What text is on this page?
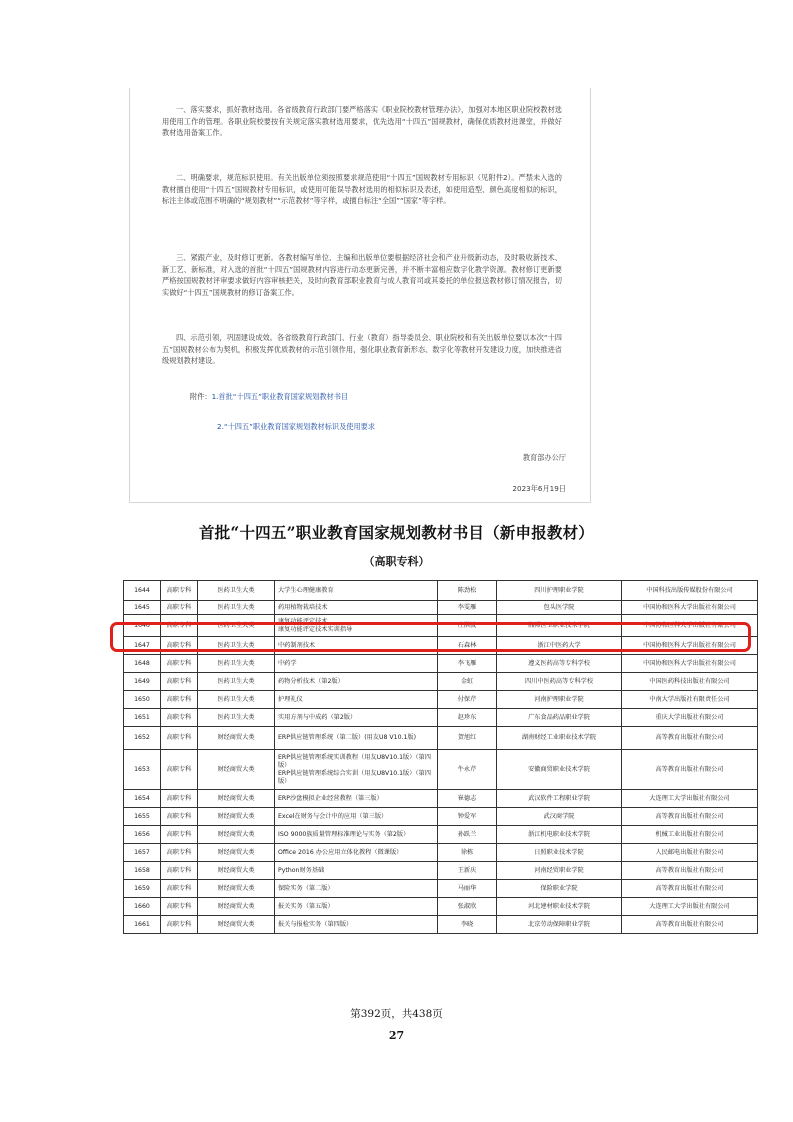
一、落实要求，抓好教材选用。各省级教育行政部门要严格落实《职业院校教材管理办法》，加强对本地区职业院校教材选用使用工作的管理。各职业院校要按有关规定落实教材选用要求，优先选用“十四五”国规教材，确保优质教材进课堂，并做好教材选用备案工作。
二、明确要求，规范标识使用。有关出版单位须按照要求规范使用“十四五”国规教材专用标识（见附件2）。严禁未入选的教材擅自使用“十四五”国规教材专用标识，或使用可能误导教材选用的相似标识及表述，如使用造型、颜色高度相似的标识，标注主体或范围不明确的“规划教材”“示范教材”等字样，或擅自标注“全国”“国家”等字样。
三、紧跟产业，及时修订更新。各教材编写单位、主编和出版单位要根据经济社会和产业升级新动态，及时吸收新技术、新工艺、新标准，对入选的首批“十四五”国规教材内容进行动态更新完善，并不断丰富相应数字化教学资源。教材修订更新要严格按国规教材评审要求做好内容审核把关，及时向教育部职业教育与成人教育司或其委托的单位报送教材修订情况报告，切实做好“十四五”国规教材的修订备案工作。
四、示范引领，巩固建设成效。各省级教育行政部门、行业（教育）指导委员会、职业院校和有关出版单位要以本次“十四五”国规教材公布为契机，积极发挥优质教材的示范引领作用，强化职业教育新形态、数字化等教材开发建设力度，加快推进省级规划教材建设。
附件：1.首批“十四五”职业教育国家规划教材书目
2.“十四五”职业教育国家规划教材标识及使用要求
教育部办公厅
2023年6月19日
首批“十四五”职业教育国家规划教材书目（新申报教材）
（高职专科）
1644	高职专科	医药卫生大类	大学生心理健康教育	陈劲松	四川护理职业学院	中国科技出版传媒股份有限公司
1645	高职专科	医药卫生大类	药用植物栽培技术	李雯雁	包头医学院	中国协和医科大学出版社有限公司
1646	高职专科	医药卫生大类	康复功能评定技术
康复功能评定技术实训指导	庄洪波	湘潭医卫职业技术学院	中国协和医科大学出版社有限公司
1647	高职专科	医药卫生大类	中药制剂技术	石森林	浙江中医药大学	中国协和医科大学出版社有限公司
1648	高职专科	医药卫生大类	中药学	李飞雁	遵义医药高等专科学校	中国协和医科大学出版社有限公司
1649	高职专科	医药卫生大类	药物分析技术（第2版）	金虹	四川中医药高等专科学校	中国医药科技出版社有限公司
1650	高职专科	医药卫生大类	护理礼仪	付保芹	河南护理职业学院	中南大学出版社有限责任公司
1651	高职专科	医药卫生大类	实用方剂与中成药（第2版）	赵珍东	广东食品药品职业学院	重庆大学出版社有限公司
1652	高职专科	财经商贸大类	ERP供应链管理系统（第二版）(用友U8 V10.1版)	贺旭红	湖南财经工业职业技术学院	高等教育出版社有限公司
1653	高职专科	财经商贸大类	ERP供应链管理系统实训教程（用友U8V10.1版）（第四版）
ERP供应链管理系统综合实训（用友U8V10.1版）（第四版）	牛永芹	安徽商贸职业技术学院	高等教育出版社有限公司
1654	高职专科	财经商贸大类	ERP沙盘模拟企业经营教程（第三版）	崔德志	武汉软件工程职业学院	大连理工大学出版社有限公司
1655	高职专科	财经商贸大类	Excel在财务与会计中的应用（第三版）	钟爱军	武汉商学院	高等教育出版社有限公司
1656	高职专科	财经商贸大类	ISO 9000族质量管理标准理论与实务（第2版）	孙跃兰	浙江机电职业技术学院	机械工业出版社有限公司
1657	高职专科	财经商贸大类	Office 2016 办公应用立体化教程（微课版）	徐栋	日照职业技术学院	人民邮电出版社有限公司
1658	高职专科	财经商贸大类	Python财务基础	王新庆	河南经贸职业学院	高等教育出版社有限公司
1659	高职专科	财经商贸大类	保险实务（第二版）	马丽华	保险职业学院	高等教育出版社有限公司
1660	高职专科	财经商贸大类	报关实务（第五版）	张淑欣	河北建材职业技术学院	大连理工大学出版社有限公司
1661	高职专科	财经商贸大类	报关与报检实务（第四版）	李晓	北京劳动保障职业学院	高等教育出版社有限公司
第392页，共438页
27
